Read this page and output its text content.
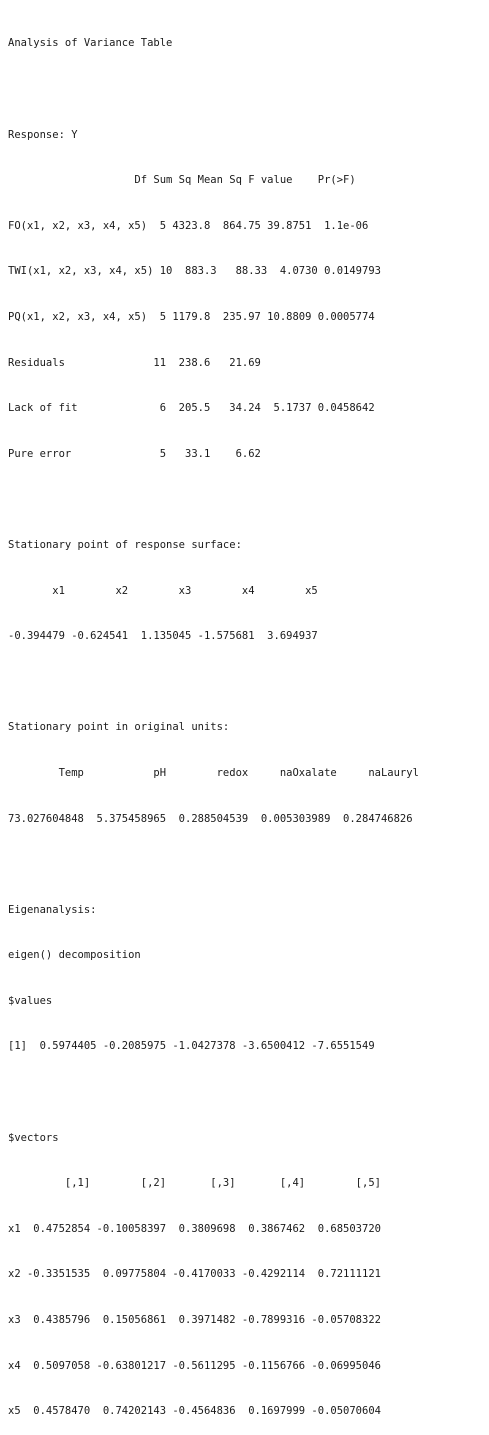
Analysis of Variance Table

Response: Y

Df Sum Sq Mean Sq F value    Pr(>F)

FO(x1, x2, x3, x4, x5)  5 4323.8  864.75 39.8751  1.1e-06

TWI(x1, x2, x3, x4, x5) 10  883.3   88.33  4.0730 0.0149793

PQ(x1, x2, x3, x4, x5)  5 1179.8  235.97 10.8809 0.0005774

Residuals              11  238.6   21.69

Lack of fit             6  205.5   34.24  5.1737 0.0458642

Pure error              5   33.1    6.62

Stationary point of response surface:

x1        x2        x3        x4        x5

-0.394479 -0.624541  1.135045 -1.575681  3.694937

Stationary point in original units:

Temp           pH        redox     naOxalate     naLauryl

73.027604848  5.375458965  0.288504539  0.005303989  0.284746826

Eigenanalysis:

eigen() decomposition

$values

[1]  0.5974405 -0.2085975 -1.0427378 -3.6500412 -7.6551549

$vectors

[,1]        [,2]       [,3]       [,4]        [,5]

x1  0.4752854 -0.10058397  0.3809698  0.3867462  0.68503720

x2 -0.3351535  0.09775804 -0.4170033 -0.4292114  0.72111121

x3  0.4385796  0.15056861  0.3971482 -0.7899316 -0.05708322

x4  0.5097058 -0.63801217 -0.5611295 -0.1156766 -0.06995046

x5  0.4578470  0.74202143 -0.4564836  0.1697999 -0.05070604
